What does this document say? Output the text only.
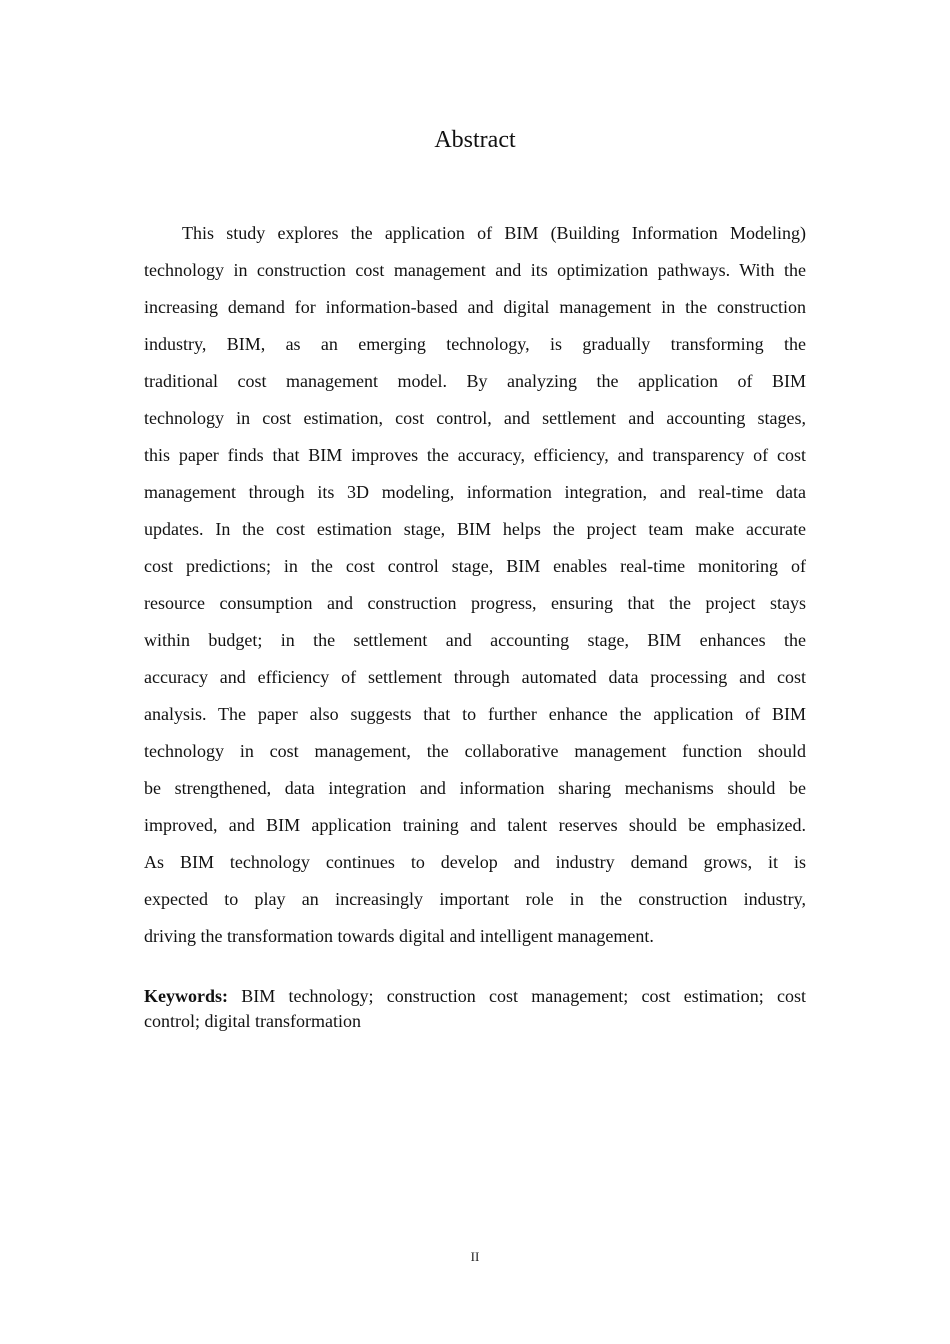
Abstract
This study explores the application of BIM (Building Information Modeling)
technology in construction cost management and its optimization pathways. With the
increasing demand for information-based and digital management in the construction
industry, BIM, as an emerging technology, is gradually transforming the
traditional cost management model. By analyzing the application of BIM
technology in cost estimation, cost control, and settlement and accounting stages,
this paper finds that BIM improves the accuracy, efficiency, and transparency of cost
management through its 3D modeling, information integration, and real-time data
updates. In the cost estimation stage, BIM helps the project team make accurate
cost predictions; in the cost control stage, BIM enables real-time monitoring of
resource consumption and construction progress, ensuring that the project stays
within budget; in the settlement and accounting stage, BIM enhances the
accuracy and efficiency of settlement through automated data processing and cost
analysis. The paper also suggests that to further enhance the application of BIM
technology in cost management, the collaborative management function should
be strengthened, data integration and information sharing mechanisms should be
improved, and BIM application training and talent reserves should be emphasized.
As BIM technology continues to develop and industry demand grows, it is
expected to play an increasingly important role in the construction industry,
driving the transformation towards digital and intelligent management.
Keywords: BIM technology; construction cost management; cost estimation; cost
control; digital transformation
II
